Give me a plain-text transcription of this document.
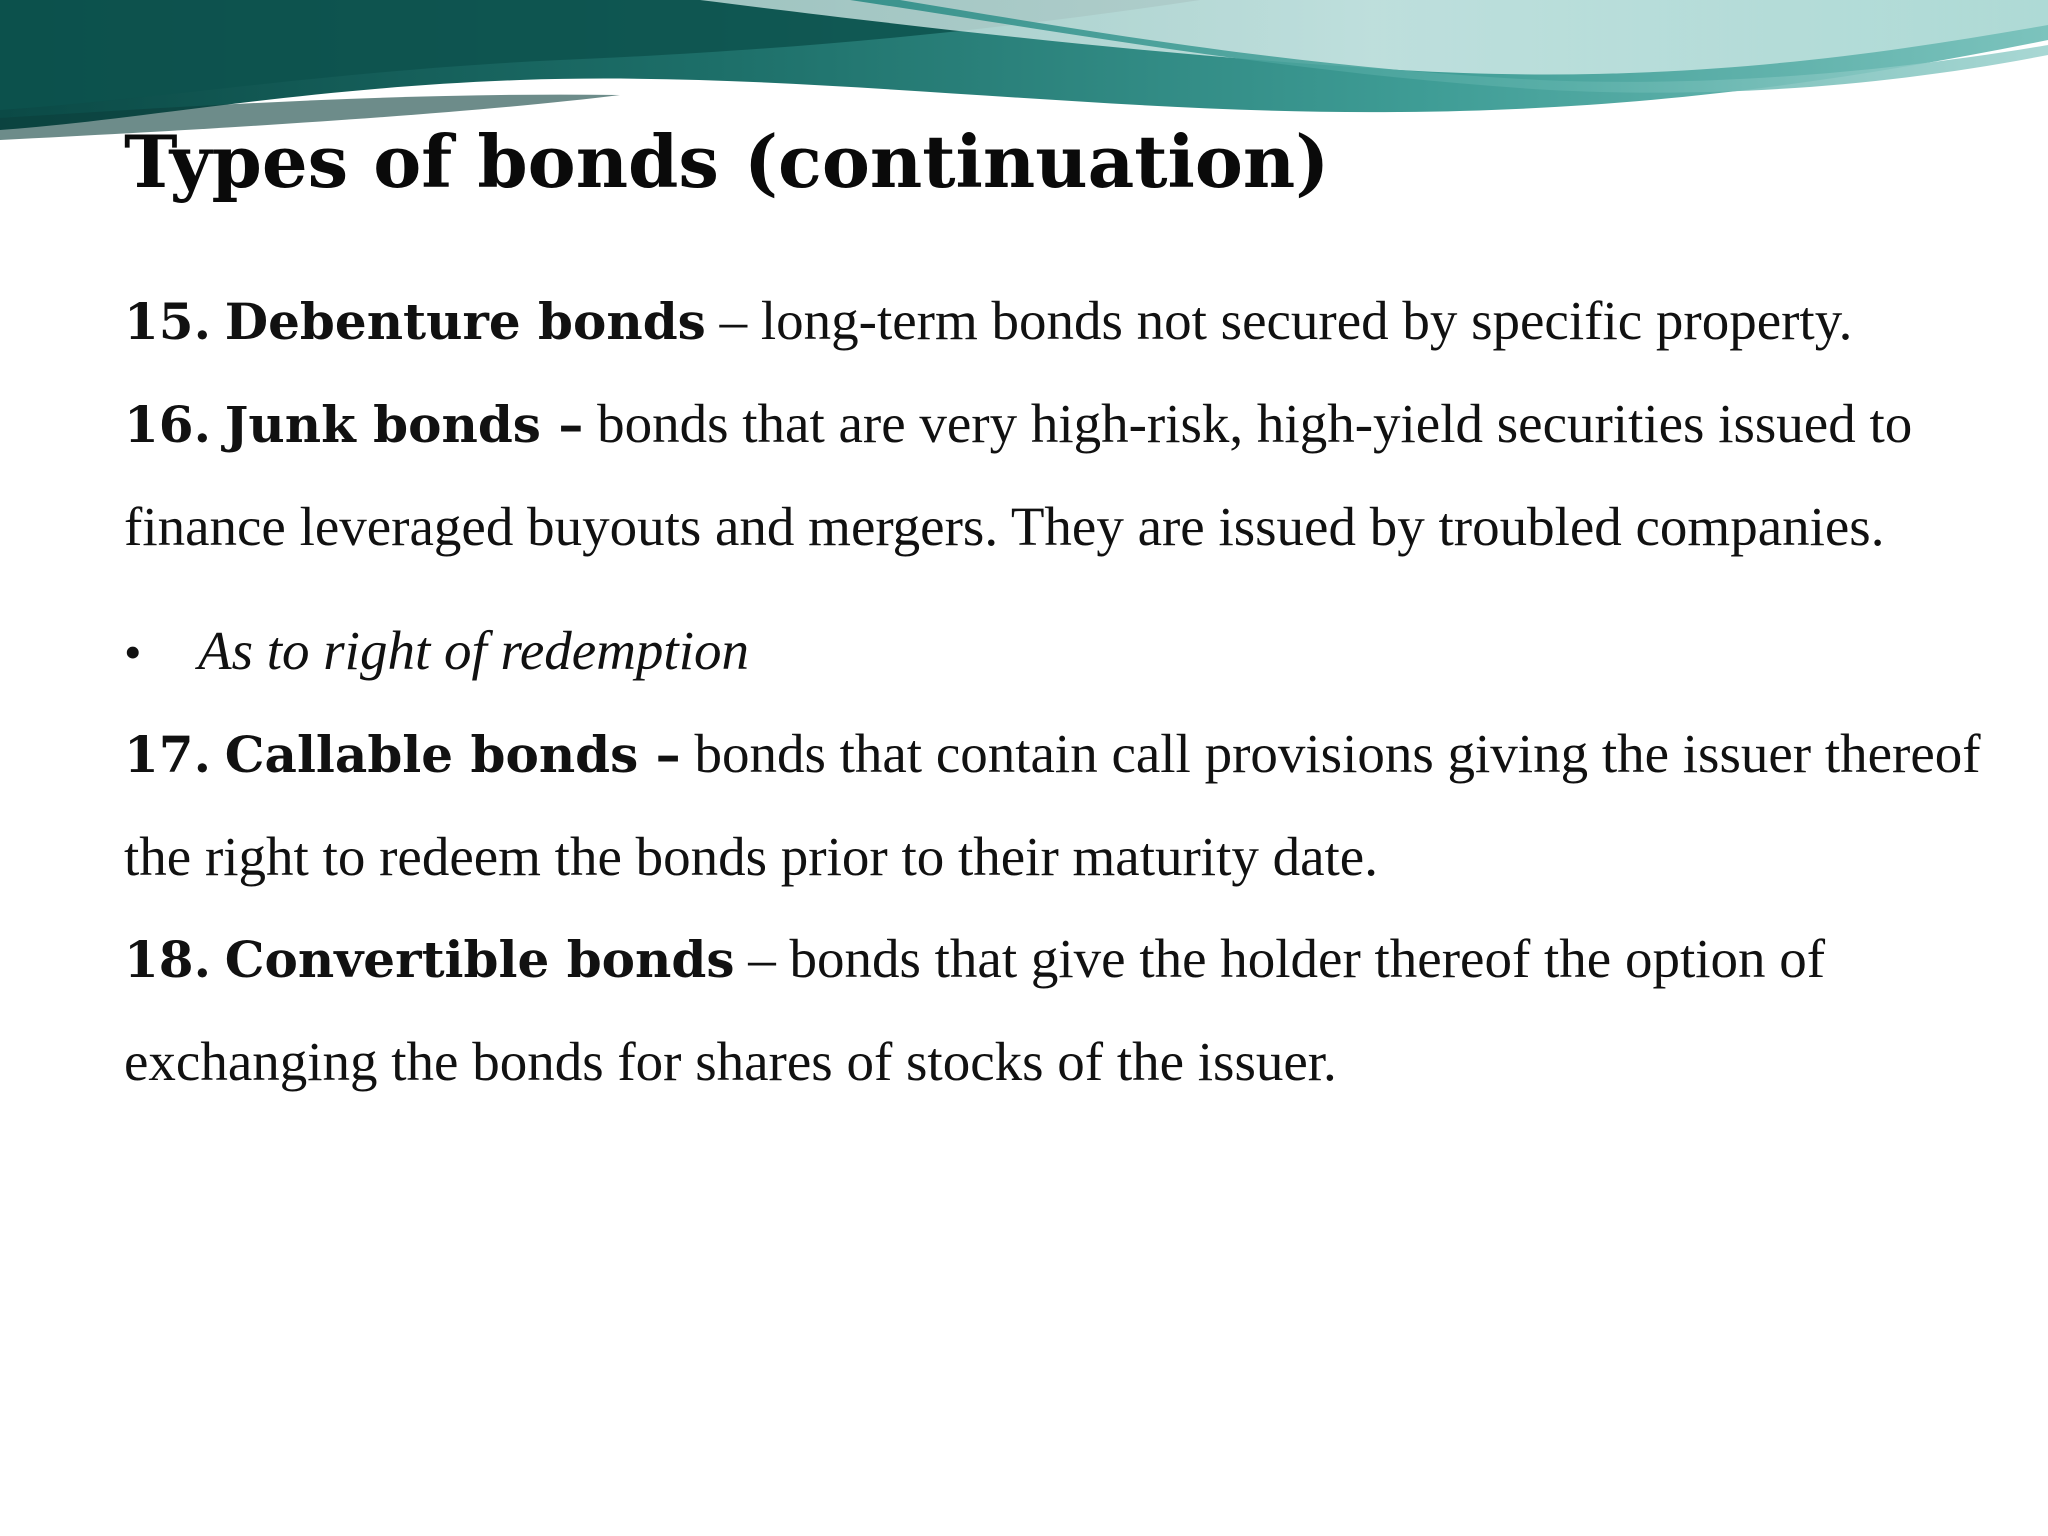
Types of bonds (continuation)

15. Debenture bonds – long-term bonds not secured by specific property.

16. Junk bonds – bonds that are very high-risk, high-yield securities issued to finance leveraged buyouts and mergers. They are issued by troubled companies.

•	As to right of redemption

17. Callable bonds – bonds that contain call provisions giving the issuer thereof the right to redeem the bonds prior to their maturity date.

18. Convertible bonds – bonds that give the holder thereof the option of exchanging the bonds for shares of stocks of the issuer.
